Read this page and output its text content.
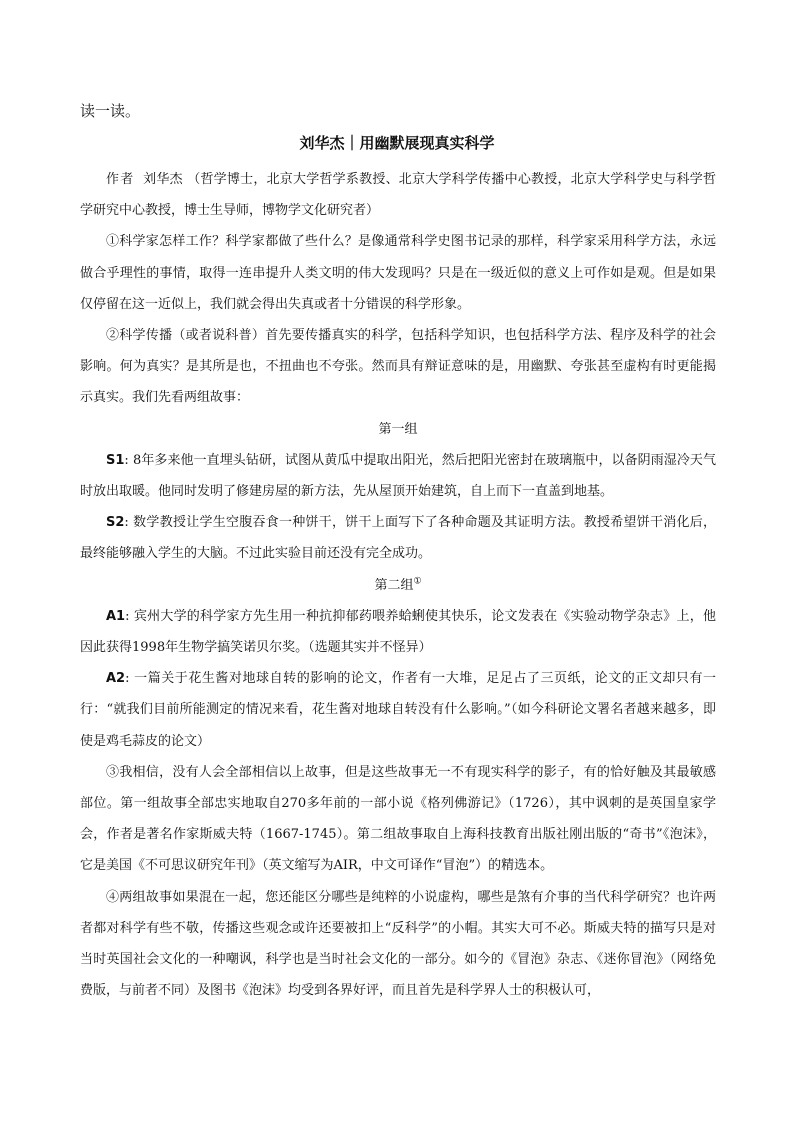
读一读。
刘华杰｜用幽默展现真实科学

作者 刘华杰 （哲学博士，北京大学哲学系教授、北京大学科学传播中心教授，北京大学科学史与科学哲学研究中心教授，博士生导师，博物学文化研究者）

①科学家怎样工作？科学家都做了些什么？是像通常科学史图书记录的那样，科学家采用科学方法，永远做合乎理性的事情，取得一连串提升人类文明的伟大发现吗？只是在一级近似的意义上可作如是观。但是如果仅停留在这一近似上，我们就会得出失真或者十分错误的科学形象。

②科学传播（或者说科普）首先要传播真实的科学，包括科学知识，也包括科学方法、程序及科学的社会影响。何为真实？是其所是也，不扭曲也不夸张。然而具有辩证意味的是，用幽默、夸张甚至虚构有时更能揭示真实。我们先看两组故事：

第一组

S1: 8年多来他一直埋头钻研，试图从黄瓜中提取出阳光，然后把阳光密封在玻璃瓶中，以备阴雨湿冷天气时放出取暖。他同时发明了修建房屋的新方法，先从屋顶开始建筑，自上而下一直盖到地基。

S2: 数学教授让学生空腹吞食一种饼干，饼干上面写下了各种命题及其证明方法。教授希望饼干消化后，最终能够融入学生的大脑。不过此实验目前还没有完全成功。

第二组①

A1: 宾州大学的科学家方先生用一种抗抑郁药喂养蛤蜊使其快乐，论文发表在《实验动物学杂志》上，他因此获得1998年生物学搞笑诺贝尔奖。（选题其实并不怪异）

A2: 一篇关于花生酱对地球自转的影响的论文，作者有一大堆，足足占了三页纸，论文的正文却只有一行：“就我们目前所能测定的情况来看，花生酱对地球自转没有什么影响。”（如今科研论文署名者越来越多，即使是鸡毛蒜皮的论文）

③我相信，没有人会全部相信以上故事，但是这些故事无一不有现实科学的影子，有的恰好触及其最敏感部位。第一组故事全部忠实地取自270多年前的一部小说《格列佛游记》（1726），其中讽刺的是英国皇家学会，作者是著名作家斯威夫特（1667-1745）。第二组故事取自上海科技教育出版社刚出版的“奇书”《泡沫》，它是美国《不可思议研究年刊》（英文缩写为AIR，中文可译作“冒泡”）的精选本。

④两组故事如果混在一起，您还能区分哪些是纯粹的小说虚构，哪些是煞有介事的当代科学研究？也许两者都对科学有些不敬，传播这些观念或许还要被扣上“反科学”的小帽。其实大可不必。斯威夫特的描写只是对当时英国社会文化的一种嘲讽，科学也是当时社会文化的一部分。如今的《冒泡》杂志、《迷你冒泡》（网络免费版，与前者不同）及图书《泡沫》均受到各界好评，而且首先是科学界人士的积极认可，
